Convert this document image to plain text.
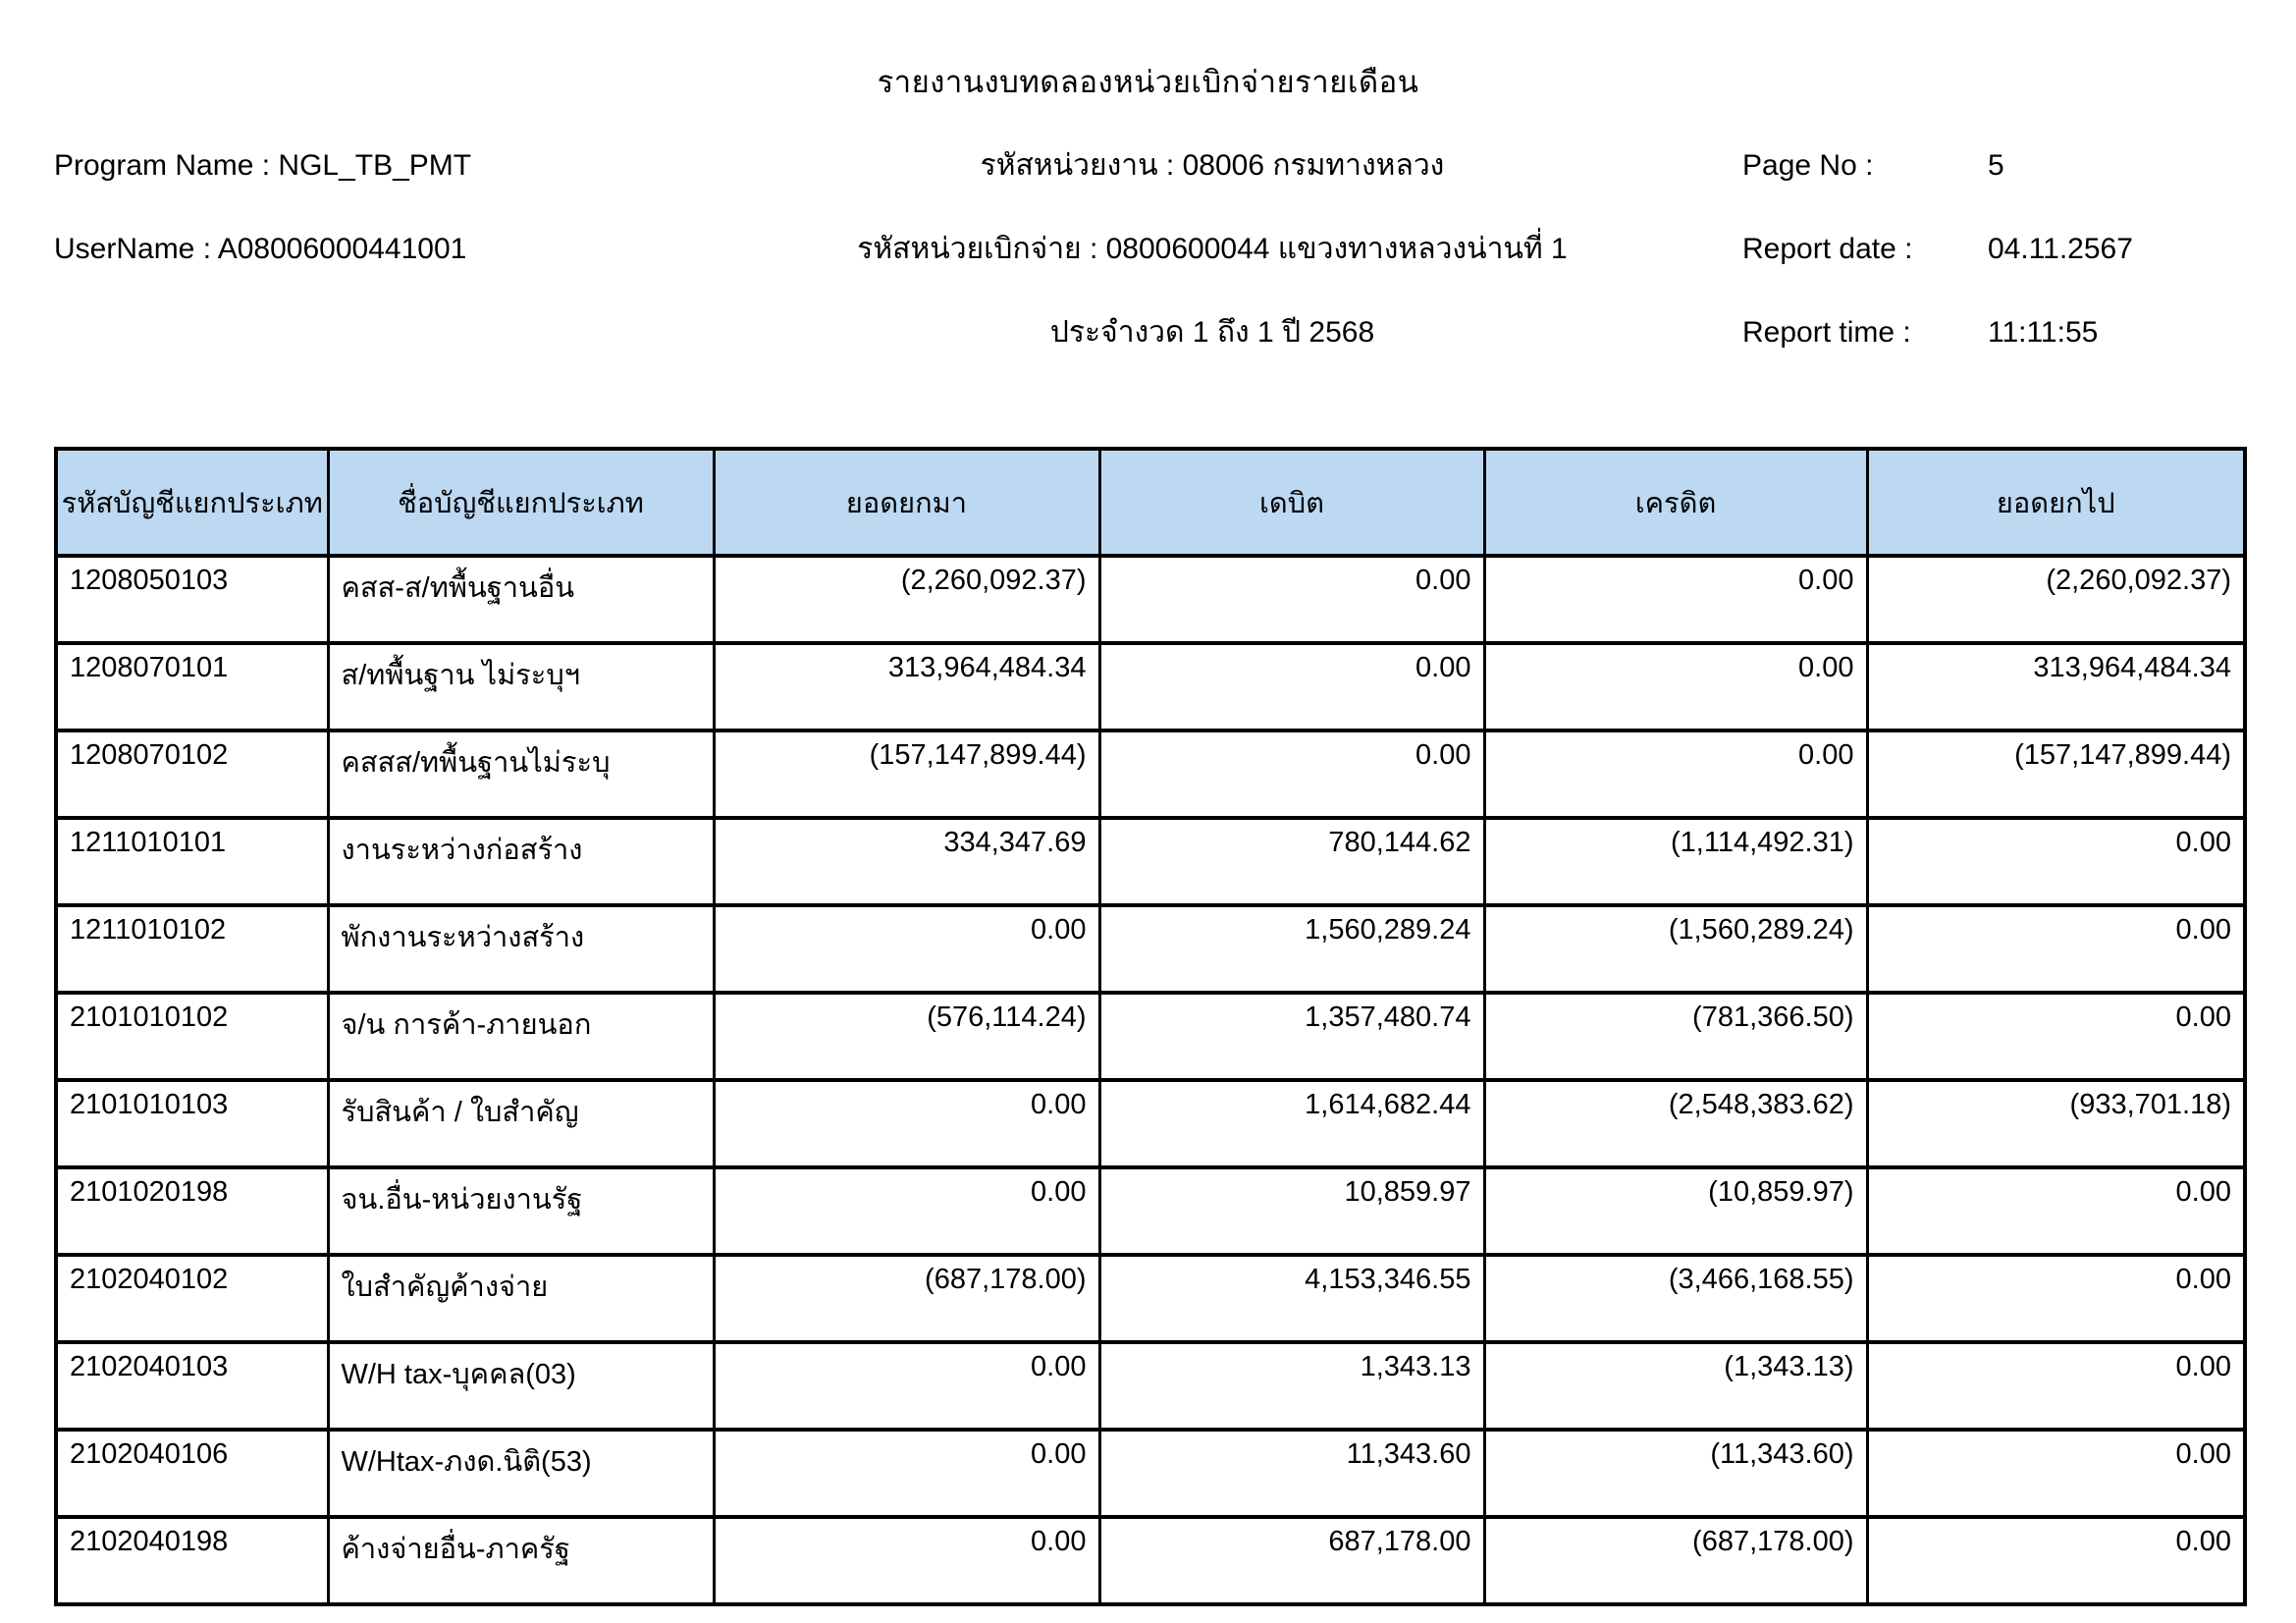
รายงานงบทดลองหน่วยเบิกจ่ายรายเดือน
Program Name : NGL_TB_PMT	รหัสหน่วยงาน : 08006 กรมทางหลวง	Page No :	5
UserName : A08006000441001	รหัสหน่วยเบิกจ่าย : 0800600044 แขวงทางหลวงน่านที่ 1	Report date :	04.11.2567
ประจำงวด 1 ถึง 1 ปี 2568	Report time :	11:11:55
รหัสบัญชีแยกประเภท	ชื่อบัญชีแยกประเภท	ยอดยกมา	เดบิต	เครดิต	ยอดยกไป
1208050103	คสส-ส/ทพื้นฐานอื่น	(2,260,092.37)	0.00	0.00	(2,260,092.37)
1208070101	ส/ทพื้นฐาน ไม่ระบุฯ	313,964,484.34	0.00	0.00	313,964,484.34
1208070102	คสสส/ทพื้นฐานไม่ระบุ	(157,147,899.44)	0.00	0.00	(157,147,899.44)
1211010101	งานระหว่างก่อสร้าง	334,347.69	780,144.62	(1,114,492.31)	0.00
1211010102	พักงานระหว่างสร้าง	0.00	1,560,289.24	(1,560,289.24)	0.00
2101010102	จ/น การค้า-ภายนอก	(576,114.24)	1,357,480.74	(781,366.50)	0.00
2101010103	รับสินค้า / ใบสำคัญ	0.00	1,614,682.44	(2,548,383.62)	(933,701.18)
2101020198	จน.อื่น-หน่วยงานรัฐ	0.00	10,859.97	(10,859.97)	0.00
2102040102	ใบสำคัญค้างจ่าย	(687,178.00)	4,153,346.55	(3,466,168.55)	0.00
2102040103	W/H tax-บุคคล(03)	0.00	1,343.13	(1,343.13)	0.00
2102040106	W/Htax-ภงด.นิติ(53)	0.00	11,343.60	(11,343.60)	0.00
2102040198	ค้างจ่ายอื่น-ภาครัฐ	0.00	687,178.00	(687,178.00)	0.00
